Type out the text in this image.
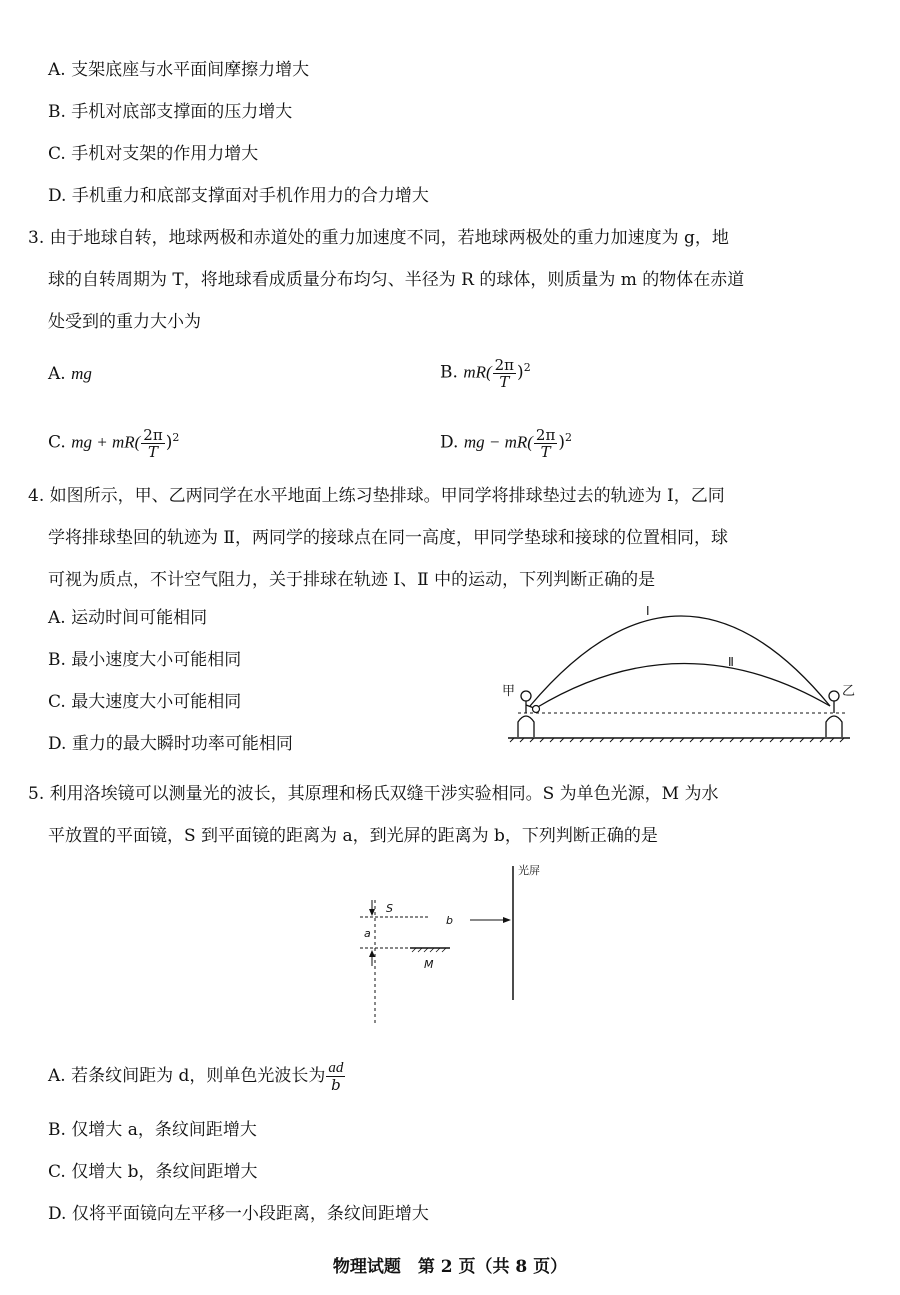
A. 支架底座与水平面间摩擦力增大
B. 手机对底部支撑面的压力增大
C. 手机对支架的作用力增大
D. 手机重力和底部支撑面对手机作用力的合力增大
3. 由于地球自转，地球两极和赤道处的重力加速度不同，若地球两极处的重力加速度为 g，地
球的自转周期为 T，将地球看成质量分布均匀、半径为 R 的球体，则质量为 m 的物体在赤道
处受到的重力大小为
A. mg	B. $mR( \frac{2\pi}{T} )^2$
C. mg + $mR( \frac{2\pi}{T} )^2$	D. mg − $mR( \frac{2\pi}{T} )^2$
4. 如图所示，甲、乙两同学在水平地面上练习垫排球。甲同学将排球垫过去的轨迹为 Ⅰ，乙同
学将排球垫回的轨迹为 Ⅱ，两同学的接球点在同一高度，甲同学垫球和接球的位置相同，球
可视为质点，不计空气阻力，关于排球在轨迹 Ⅰ、Ⅱ 中的运动，下列判断正确的是
A. 运动时间可能相同
B. 最小速度大小可能相同
C. 最大速度大小可能相同
D. 重力的最大瞬时功率可能相同
Ⅰ
Ⅱ
甲	乙
5. 利用洛埃镜可以测量光的波长，其原理和杨氏双缝干涉实验相同。S 为单色光源，M 为水
平放置的平面镜，S 到平面镜的距离为 a，到光屏的距离为 b，下列判断正确的是
光屏
M
S
a
b
A. 若条纹间距为 d，则单色光波长为 $\frac{ad}{b}$
B. 仅增大 a，条纹间距增大
C. 仅增大 b，条纹间距增大
D. 仅将平面镜向左平移一小段距离，条纹间距增大
物理试题　第 2 页（共 8 页）
